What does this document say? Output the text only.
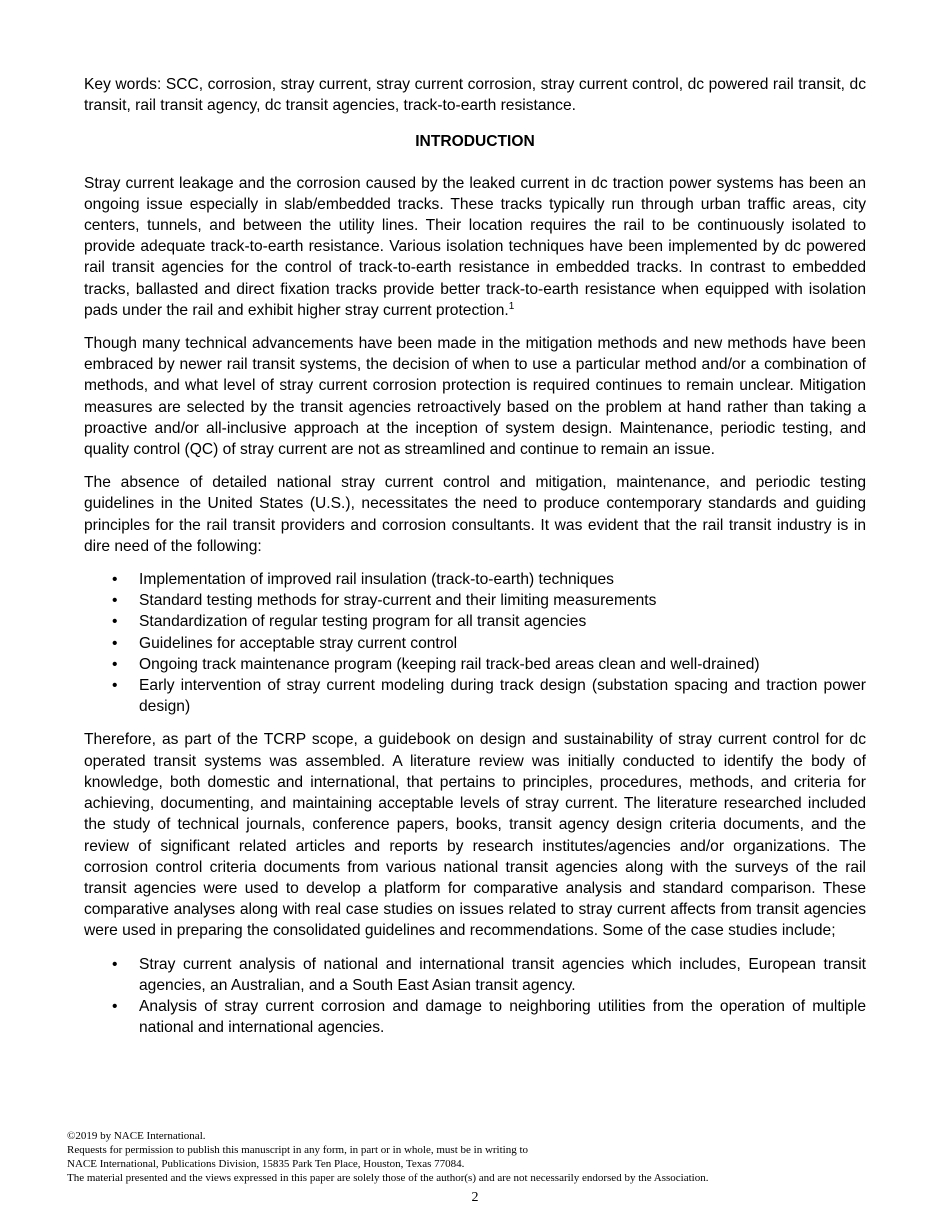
Key words: SCC, corrosion, stray current, stray current corrosion, stray current control, dc powered rail transit, dc transit, rail transit agency, dc transit agencies, track-to-earth resistance.

INTRODUCTION

Stray current leakage and the corrosion caused by the leaked current in dc traction power systems has been an ongoing issue especially in slab/embedded tracks. These tracks typically run through urban traffic areas, city centers, tunnels, and between the utility lines. Their location requires the rail to be continuously isolated to provide adequate track-to-earth resistance. Various isolation techniques have been implemented by dc powered rail transit agencies for the control of track-to-earth resistance in embedded tracks. In contrast to embedded tracks, ballasted and direct fixation tracks provide better track-to-earth resistance when equipped with isolation pads under the rail and exhibit higher stray current protection.$^1$

Though many technical advancements have been made in the mitigation methods and new methods have been embraced by newer rail transit systems, the decision of when to use a particular method and/or a combination of methods, and what level of stray current corrosion protection is required continues to remain unclear. Mitigation measures are selected by the transit agencies retroactively based on the problem at hand rather than taking a proactive and/or all-inclusive approach at the inception of system design. Maintenance, periodic testing, and quality control (QC) of stray current are not as streamlined and continue to remain an issue.

The absence of detailed national stray current control and mitigation, maintenance, and periodic testing guidelines in the United States (U.S.), necessitates the need to produce contemporary standards and guiding principles for the rail transit providers and corrosion consultants. It was evident that the rail transit industry is in dire need of the following:

• Implementation of improved rail insulation (track-to-earth) techniques
• Standard testing methods for stray-current and their limiting measurements
• Standardization of regular testing program for all transit agencies
• Guidelines for acceptable stray current control
• Ongoing track maintenance program (keeping rail track-bed areas clean and well-drained)
• Early intervention of stray current modeling during track design (substation spacing and traction power design)

Therefore, as part of the TCRP scope, a guidebook on design and sustainability of stray current control for dc operated transit systems was assembled. A literature review was initially conducted to identify the body of knowledge, both domestic and international, that pertains to principles, procedures, methods, and criteria for achieving, documenting, and maintaining acceptable levels of stray current. The literature researched included the study of technical journals, conference papers, books, transit agency design criteria documents, and the review of significant related articles and reports by research institutes/agencies and/or organizations. The corrosion control criteria documents from various national transit agencies along with the surveys of the rail transit agencies were used to develop a platform for comparative analysis and standard comparison. These comparative analyses along with real case studies on issues related to stray current affects from transit agencies were used in preparing the consolidated guidelines and recommendations. Some of the case studies include;

• Stray current analysis of national and international transit agencies which includes, European transit agencies, an Australian, and a South East Asian transit agency.
• Analysis of stray current corrosion and damage to neighboring utilities from the operation of multiple national and international agencies.
©2019 by NACE International.
Requests for permission to publish this manuscript in any form, in part or in whole, must be in writing to
NACE International, Publications Division, 15835 Park Ten Place, Houston, Texas 77084.
The material presented and the views expressed in this paper are solely those of the author(s) and are not necessarily endorsed by the Association.
2
